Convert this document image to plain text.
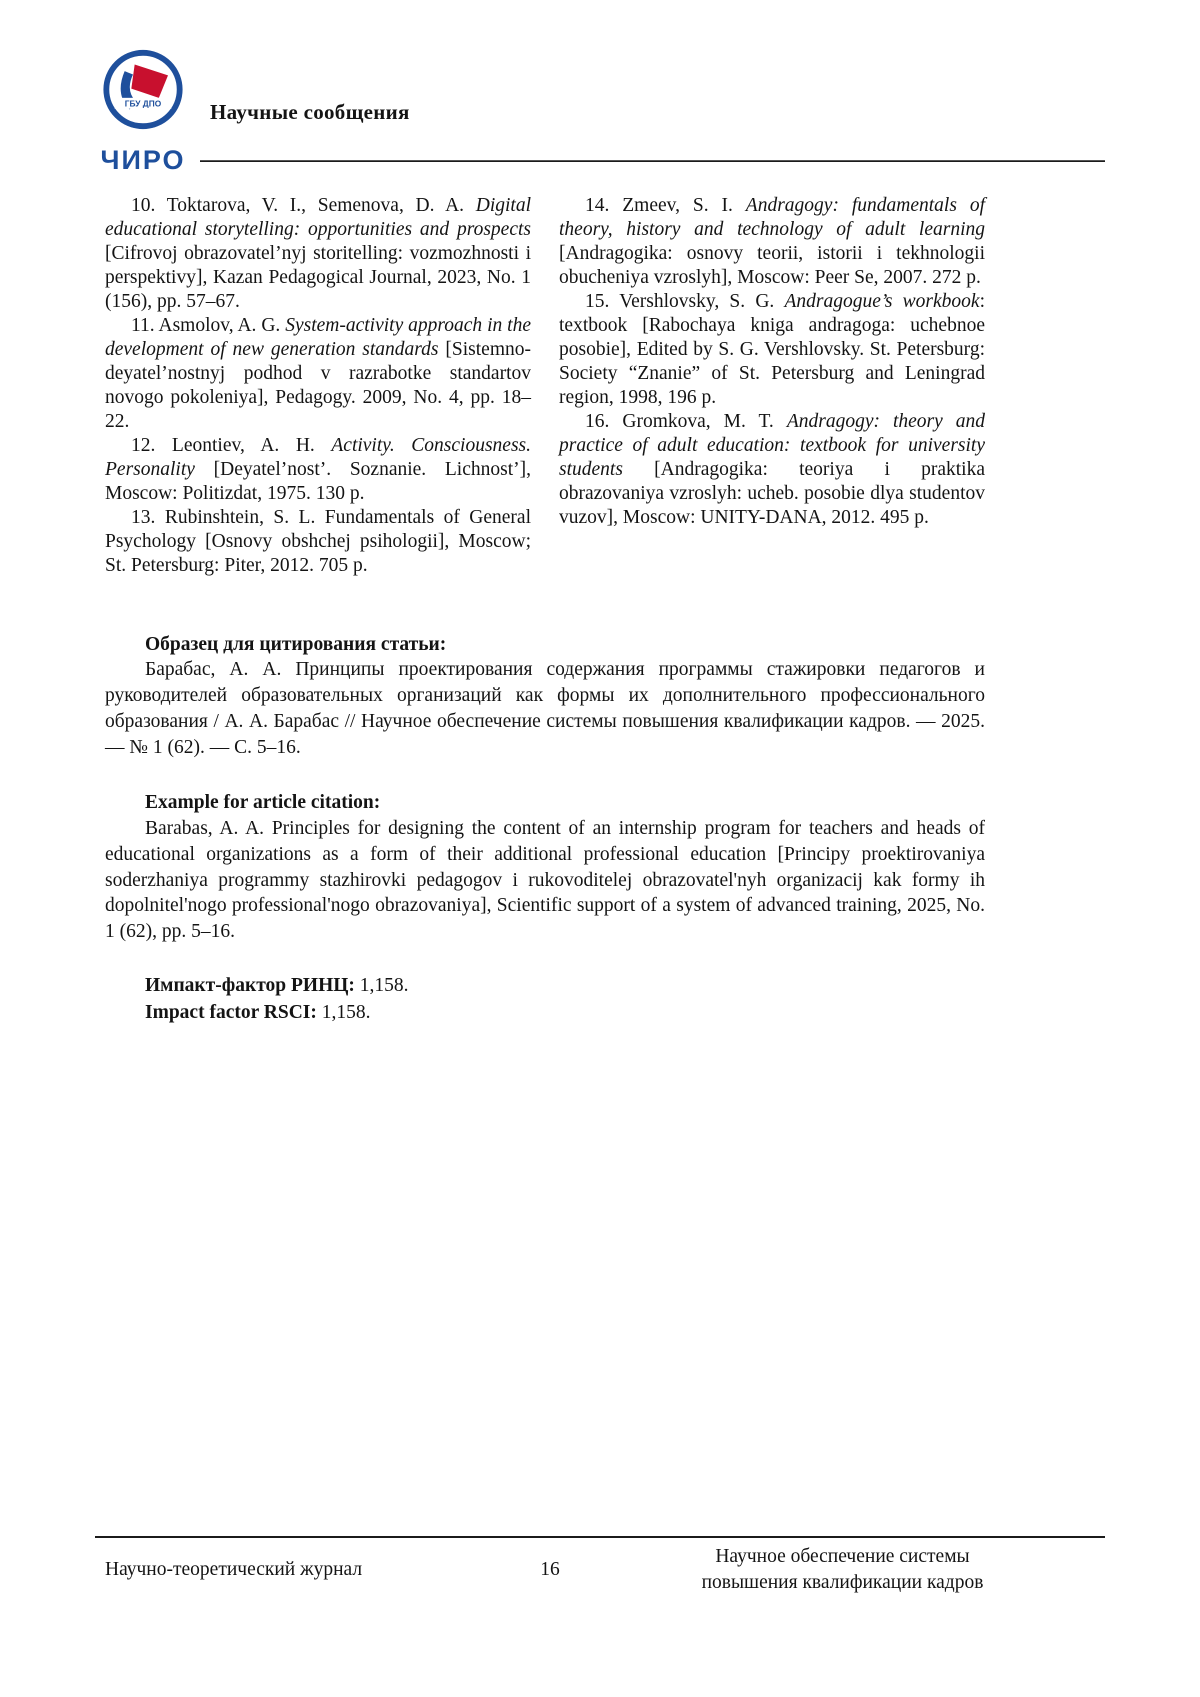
ГБУ ДПО
ЧИРО
Научные сообщения

10. Toktarova, V. I., Semenova, D. A. Digital educational storytelling: opportunities and prospects [Cifrovoj obrazovatel’nyj storitelling: vozmozhnosti i perspektivy], Kazan Pedagogical Journal, 2023, No. 1 (156), pp. 57–67.

11. Asmolov, A. G. System-activity approach in the development of new generation standards [Sistemno-deyatel’nostnyj podhod v razrabotke standartov novogo pokoleniya], Pedagogy. 2009, No. 4, pp. 18–22.

12. Leontiev, A. H. Activity. Consciousness. Personality [Deyatel’nost’. Soznanie. Lichnost’], Moscow: Politizdat, 1975. 130 p.

13. Rubinshtein, S. L. Fundamentals of General Psychology [Osnovy obshchej psihologii], Moscow; St. Petersburg: Piter, 2012. 705 p.

14. Zmeev, S. I. Andragogy: fundamentals of theory, history and technology of adult learning [Andragogika: osnovy teorii, istorii i tekhnologii obucheniya vzroslyh], Moscow: Peer Se, 2007. 272 p.

15. Vershlovsky, S. G. Andragogue’s workbook: textbook [Rabochaya kniga andragoga: uchebnoe posobie], Edited by S. G. Vershlovsky. St. Petersburg: Society “Znanie” of St. Petersburg and Leningrad region, 1998, 196 p.

16. Gromkova, M. T. Andragogy: theory and practice of adult education: textbook for university students [Andragogika: teoriya i praktika obrazovaniya vzroslyh: ucheb. posobie dlya studentov vuzov], Moscow: UNITY-DANA, 2012. 495 p.

Образец для цитирования статьи:

Барабас, А. А. Принципы проектирования содержания программы стажировки педагогов и руководителей образовательных организаций как формы их дополнительного профессионального образования / А. А. Барабас // Научное обеспечение системы повышения квалификации кадров. — 2025. — № 1 (62). — С. 5–16.

Example for article citation:

Barabas, A. A. Principles for designing the content of an internship program for teachers and heads of educational organizations as a form of their additional professional education [Principy proektirovaniya soderzhaniya programmy stazhirovki pedagogov i rukovoditelej obrazovatel'nyh organizacij kak formy ih dopolnitel'nogo professional'nogo obrazovaniya], Scientific support of a system of advanced training, 2025, No. 1 (62), pp. 5–16.

Импакт-фактор РИНЦ: 1,158.

Impact factor RSCI: 1,158.

Научно-теоретический журнал	16
Научное обеспечение системы повышения квалификации кадров
